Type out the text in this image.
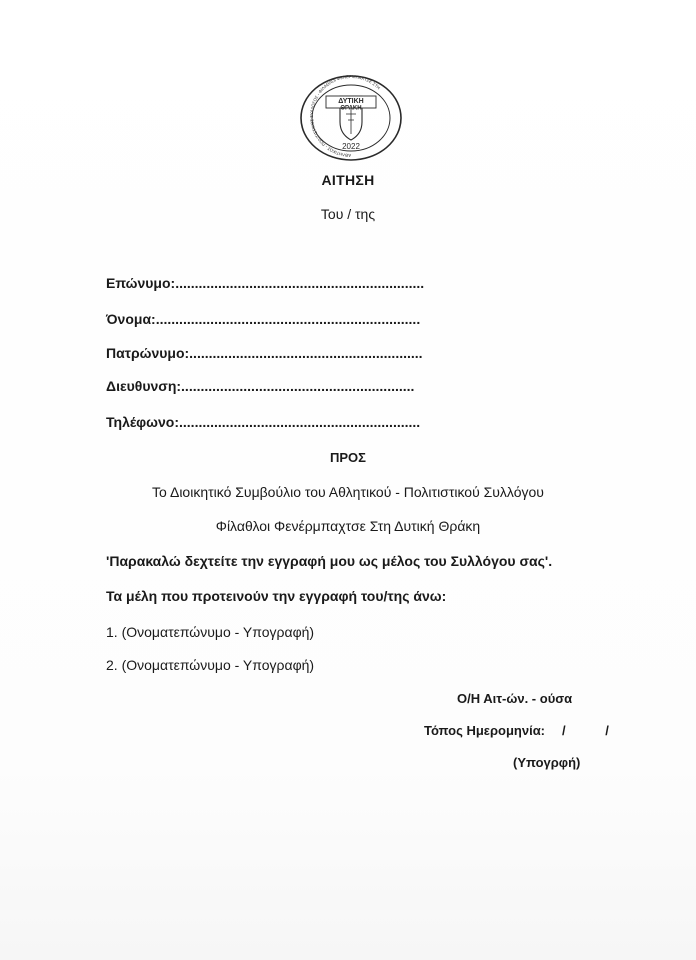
ΑΘΛΗΤΙΚΟΣ - ΠΟΛΙΤΙΣΤΙΚΟΣ ΣΥΛΛΟΓΟΣ - ΦΙΛΑΘΛΟΙ ΦΕΝΕΡΜΠΑΧΤΣΕ ΣΤΗ
ΔΥΤΙΚΗ
ΘΡΑΚΗ
2022
ΑΙΤΗΣΗ
Του / της
Επώνυμο:................................................................
Όνομα:....................................................................
Πατρώνυμο:............................................................
Διευθυνση:............................................................
Τηλέφωνο:..............................................................
ΠΡΟΣ
Το Διοικητικό Συμβούλιο του Αθλητικού - Πολιτιστικού Συλλόγου
Φίλαθλοι Φενέρμπαχτσε Στη Δυτική Θράκη
'Παρακαλώ δεχτείτε την εγγραφή μου ως μέλος του Συλλόγου σας'.
Τα μέλη που προτεινούν την εγγραφή του/της άνω:
1. (Ονοματεπώνυμο - Υπογραφή)
2. (Ονοματεπώνυμο - Υπογραφή)
Ο/Η Αιτ-ών. - ούσα
Τόπος Ημερομηνία: / /
(Υπογρφή)
